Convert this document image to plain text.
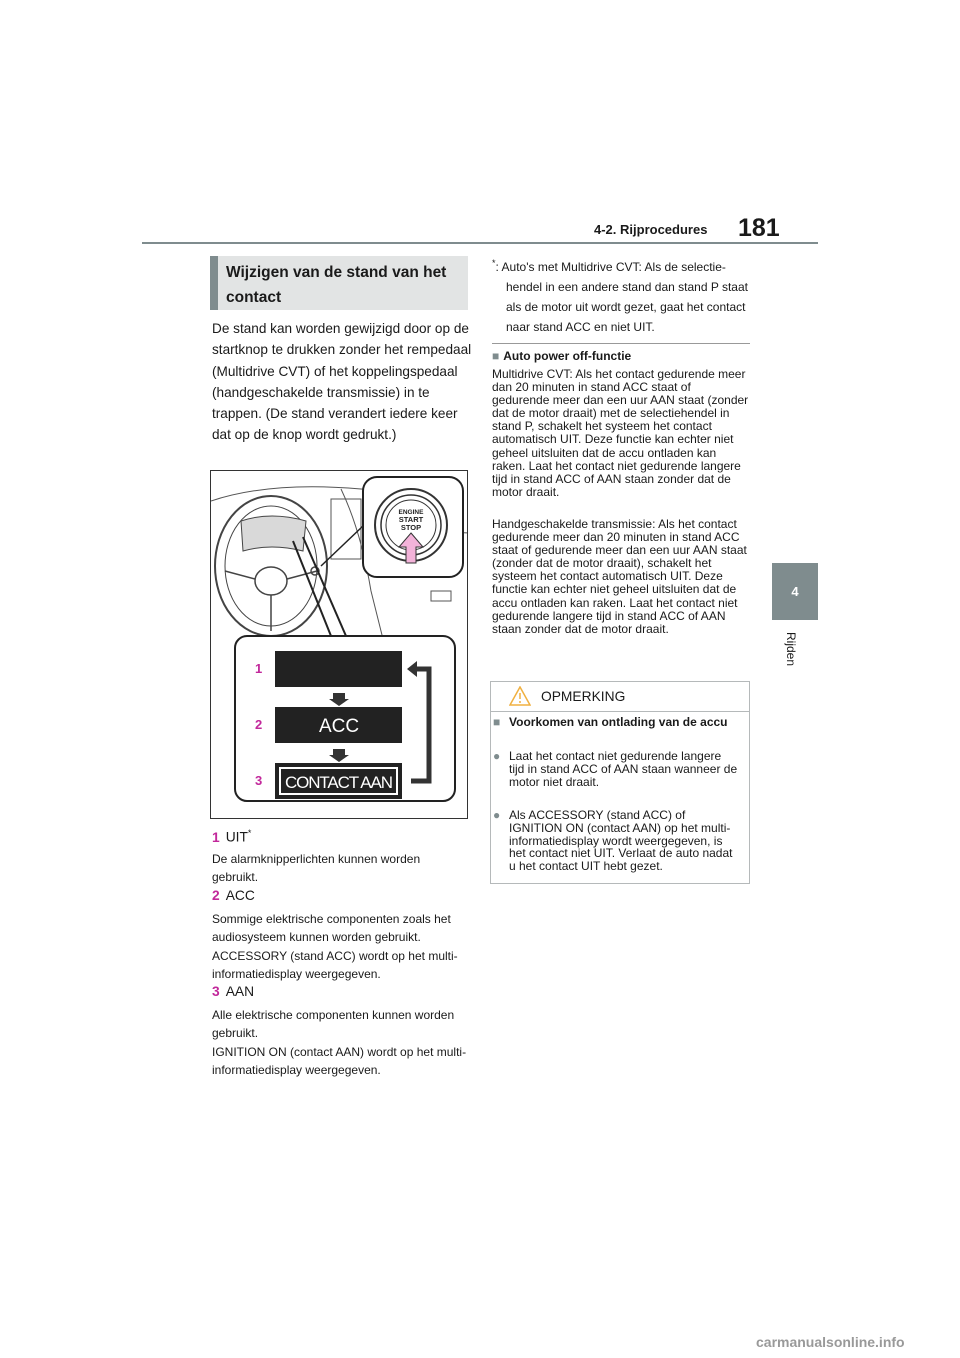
4-2. Rijprocedures 181
4
Rijden
Wijzigen van de stand van het
contact
De stand kan worden gewijzigd door op de startknop te drukken zonder het rempedaal (Multidrive CVT) of het koppelingspedaal (handgeschakelde transmissie) in te trappen. (De stand verandert iedere keer dat op de knop wordt gedrukt.)
ENGINE
START
STOP
1
2
3
ACC
CONTACT AAN
1 UIT*
De alarmknipperlichten kunnen worden gebruikt.
2 ACC
Sommige elektrische componenten zoals het audiosysteem kunnen worden gebruikt.
ACCESSORY (stand ACC) wordt op het multi-informatiedisplay weergegeven.
3 AAN
Alle elektrische componenten kunnen worden gebruikt.
IGNITION ON (contact AAN) wordt op het multi-informatiedisplay weergegeven.
*: Auto's met Multidrive CVT: Als de selectie-
hendel in een andere stand dan stand P staat als de motor uit wordt gezet, gaat het contact naar stand ACC en niet UIT.
■ Auto power off-functie
Multidrive CVT: Als het contact gedurende meer dan 20 minuten in stand ACC staat of gedurende meer dan een uur AAN staat (zonder dat de motor draait) met de selectiehendel in stand P, schakelt het systeem het contact automatisch UIT. Deze functie kan echter niet geheel uitsluiten dat de accu ontladen kan raken. Laat het contact niet gedurende langere tijd in stand ACC of AAN staan zonder dat de motor draait.
Handgeschakelde transmissie: Als het contact gedurende meer dan 20 minuten in stand ACC staat of gedurende meer dan een uur AAN staat (zonder dat de motor draait), schakelt het systeem het contact automatisch UIT. Deze functie kan echter niet geheel uitsluiten dat de accu ontladen kan raken. Laat het contact niet gedurende langere tijd in stand ACC of AAN staan zonder dat de motor draait.
OPMERKING
■ Voorkomen van ontlading van de accu
● Laat het contact niet gedurende langere tijd in stand ACC of AAN staan wanneer de motor niet draait.
● Als ACCESSORY (stand ACC) of IGNITION ON (contact AAN) op het multi-informatiedisplay wordt weergegeven, is het contact niet UIT. Verlaat de auto nadat u het contact UIT hebt gezet.
carmanualsonline.info
